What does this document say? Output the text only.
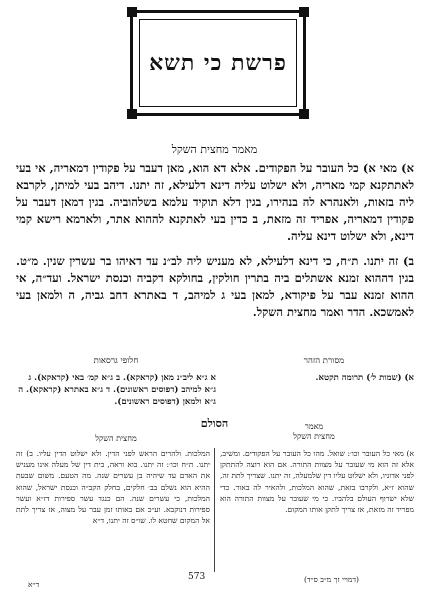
פרשת כי תשא
מאמר מחצית השקל

א) מאי א) כל העובר על הפקודים. אלא דא הוא, מאן דעבר על פקודין דמאריה, אי בעי לאתתקנא קמי מאריה, ולא ישלוט עליה דינא דלעילא, זה יתנו. דיהב בעי למיתן, לקרבא ליה בזאות, ולאנהרא לה בנהירו, בגין דלא תוקיד עלמא בשלהוביה. בגין דמאן דעבר על פקודין דמאריה, אפריד זה מזאת, ב כדין בעי לאתקנא לההוא אתר, ולארמא רישא קמי דינא, ולא ישלוט דינא עליה.

ב) זה יתנו. ת״ח, כי דינא דלעילא, לא מעניש ליה לב״נ עד דאיהו בר עשרין שנין. מ״ט. בגין דההוא זמנא אשתלים ביה בתרין חולקין, בחולקא דקביה וכנסת ישראל. ועד״ה, אי ההוא זמנא עבר על פיקודא, למאן בעי ג למיהב, ד באתרא דחב גביה, ה ולמאן בעי לאמשכא. הדר ואמר מחצית השקל.

מסורת הזהר
א) (שמות ל׳) תרומה תקטא.
חלופי גרסאות
א ג״א ליב״נ מאן (קראקא). ב ג״א קמ׳ באי (קראקא). ג ג״א למיהב (דפוסים ראשונים). ד ג״א באתרא (קראקא). ה ג״א ולמאן (דפוסים ראשונים).
הסולם	מאמר
מחצית השקל
מחצית השקל

א) מאי כל העובר וכו׳: שואל. מהו כל העובר על הפקודים. ומשיב, אלא זה הוא מי שעובר על מצוות התורה. אם הוא רוצה להתתקן לפני אדוניו, ולא ישלוט עליו דין שלמעלה, זה יתנו. שצריך לתת זה, שהוא ז״א, ולקרבו בזאת, שהוא המלכות, ולהאיר לה באור. כדי שלא ישרוף העולם בלהביו. כי מי שעובר על מצוות התורה הוא מפריד זה מזאת, אז צריך לתקן אותו המקום.

המלכות. ולהרים הראש לפני הדין. ולא ישלוט הדין עליו. ב) זה יתנו. ת״ח וכו׳: זה יתנו. בוא וראה, בית דין של מעלה אינו מעניש את האדם עד שיהיה בן עשרים שנה. מה הטעם. משום שבעת ההיא הוא נשלם בב׳ חלקים, בחלק הקב״ה וכנסת ישראל, שהוא המלכות, כי עשרים שנה. הם כנגד עשר ספירות דז״א ועשר ספירות דנוקבא. וע״כ אם באותו זמן עבר על מצוה, אז צריך לתת אל המקום שחטא לו. שו״ס זה יתנו, ד״א

(דמויי זך מ״ב ס״ד)
573
ד״א
